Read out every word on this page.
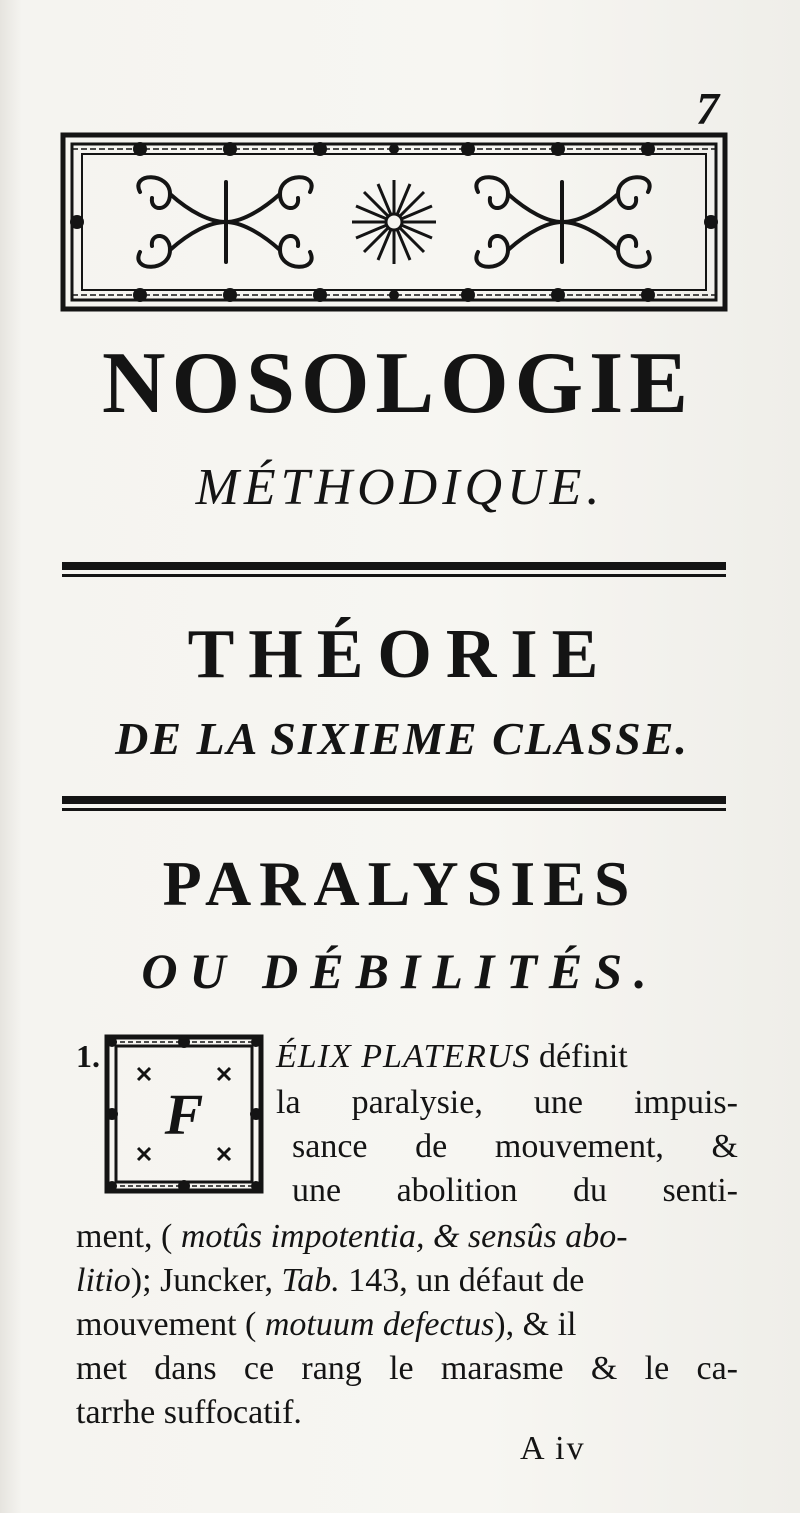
7
NOSOLOGIE
MÉTHODIQUE.
THÉORIE
DE LA SIXIEME CLASSE.
PARALYSIES
OU DÉBILITÉS.
1.
F
ÉLIX PLATERUS définit
la paralysie, une impuis-
sance de mouvement, &
une abolition du senti-
ment, ( motûs impotentia, & sensûs abo-
litio); Juncker, Tab. 143, un défaut de
mouvement ( motuum defectus), & il
met dans ce rang le marasme & le ca-
tarrhe suffocatif.
A iv
